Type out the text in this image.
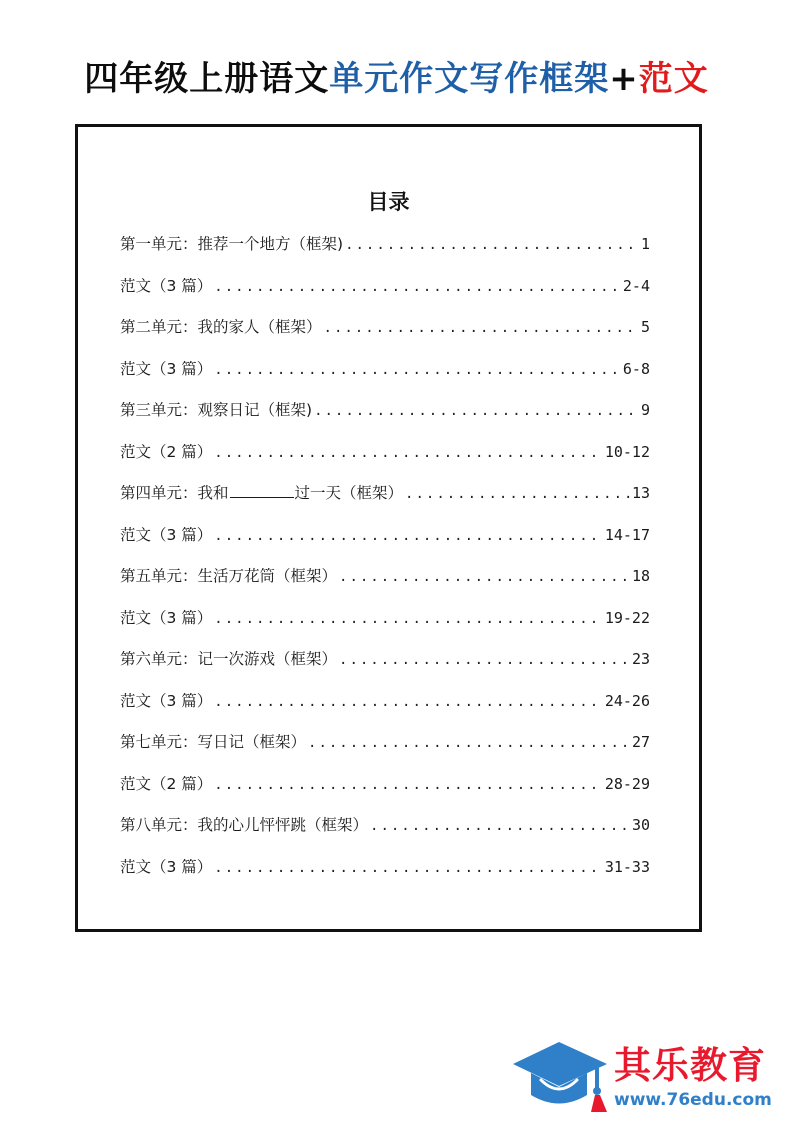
四年级上册语文单元作文写作框架+范文
目录
第一单元：推荐一个地方（框架) .....	1
范文（3 篇） .....	2-4
第二单元：我的家人（框架） .....	5
范文（3 篇） .....	6-8
第三单元：观察日记（框架) .....	9
范文（2 篇） .....	10-12
第四单元：我和	过一天（框架） .....	13
范文（3 篇） .....	14-17
第五单元：生活万花筒（框架） .....	18
范文（3 篇） .....	19-22
第六单元：记一次游戏（框架） .....	23
范文（3 篇） .....	24-26
第七单元：写日记（框架） .....	27
范文（2 篇） .....	28-29
第八单元：我的心儿怦怦跳（框架） .....	30
范文（3 篇） .....	31-33
其乐教育
www.76edu.com
